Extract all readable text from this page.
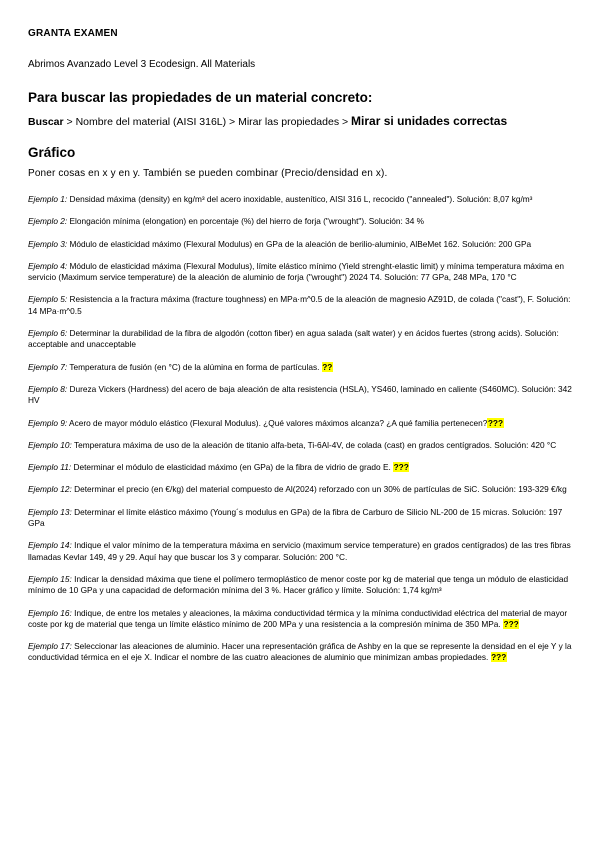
GRANTA EXAMEN

Abrimos Avanzado Level 3 Ecodesign. All Materials

Para buscar las propiedades de un material concreto:

Buscar > Nombre del material (AISI 316L) > Mirar las propiedades > Mirar si unidades correctas

Gráfico

Poner cosas en x y en y. También se pueden combinar (Precio/densidad en x).

Ejemplo 1: Densidad máxima (density) en kg/m³ del acero inoxidable, austenítico, AISI 316 L, recocido ("annealed"). Solución: 8,07 kg/m³

Ejemplo 2: Elongación mínima (elongation) en porcentaje (%) del hierro de forja ("wrought"). Solución: 34 %

Ejemplo 3: Módulo de elasticidad máximo (Flexural Modulus) en GPa de la aleación de berilio-aluminio, AlBeMet 162. Solución: 200 GPa

Ejemplo 4: Módulo de elasticidad máxima (Flexural Modulus), límite elástico mínimo (Yield strenght-elastic limit) y mínima temperatura máxima en servicio (Maximum service temperature) de la aleación de aluminio de forja ("wrought") 2024 T4. Solución: 77 GPa, 248 MPa, 170 °C

Ejemplo 5: Resistencia a la fractura máxima (fracture toughness) en MPa·m^0.5 de la aleación de magnesio AZ91D, de colada ("cast"), F. Solución: 14 MPa·m^0.5

Ejemplo 6: Determinar la durabilidad de la fibra de algodón (cotton fiber) en agua salada (salt water) y en ácidos fuertes (strong acids). Solución: acceptable and unacceptable

Ejemplo 7: Temperatura de fusión (en °C) de la alúmina en forma de partículas. ??

Ejemplo 8: Dureza Vickers (Hardness) del acero de baja aleación de alta resistencia (HSLA), YS460, laminado en caliente (S460MC). Solución: 342 HV

Ejemplo 9: Acero de mayor módulo elástico (Flexural Modulus). ¿Qué valores máximos alcanza? ¿A qué familia pertenecen????

Ejemplo 10: Temperatura máxima de uso de la aleación de titanio alfa-beta, Ti-6Al-4V, de colada (cast) en grados centígrados. Solución: 420 °C

Ejemplo 11: Determinar el módulo de elasticidad máximo (en GPa) de la fibra de vidrio de grado E. ???

Ejemplo 12: Determinar el precio (en €/kg) del material compuesto de Al(2024) reforzado con un 30% de partículas de SiC. Solución: 193-329 €/kg

Ejemplo 13: Determinar el límite elástico máximo (Young´s modulus en GPa) de la fibra de Carburo de Silicio NL-200 de 15 micras. Solución: 197 GPa

Ejemplo 14: Indique el valor mínimo de la temperatura máxima en servicio (maximum service temperature) en grados centígrados) de las tres fibras llamadas Kevlar 149, 49 y 29. Aquí hay que buscar los 3 y comparar. Solución: 200 °C.

Ejemplo 15: Indicar la densidad máxima que tiene el polímero termoplástico de menor coste por kg de material que tenga un módulo de elasticidad mínimo de 10 GPa y una capacidad de deformación mínima del 3 %. Hacer gráfico y límite. Solución: 1,74 kg/m³

Ejemplo 16: Indique, de entre los metales y aleaciones, la máxima conductividad térmica y la mínima conductividad eléctrica del material de mayor coste por kg de material que tenga un límite elástico mínimo de 200 MPa y una resistencia a la compresión mínima de 350 MPa. ???

Ejemplo 17: Seleccionar las aleaciones de aluminio. Hacer una representación gráfica de Ashby en la que se represente la densidad en el eje Y y la conductividad térmica en el eje X. Indicar el nombre de las cuatro aleaciones de aluminio que minimizan ambas propiedades. ???
